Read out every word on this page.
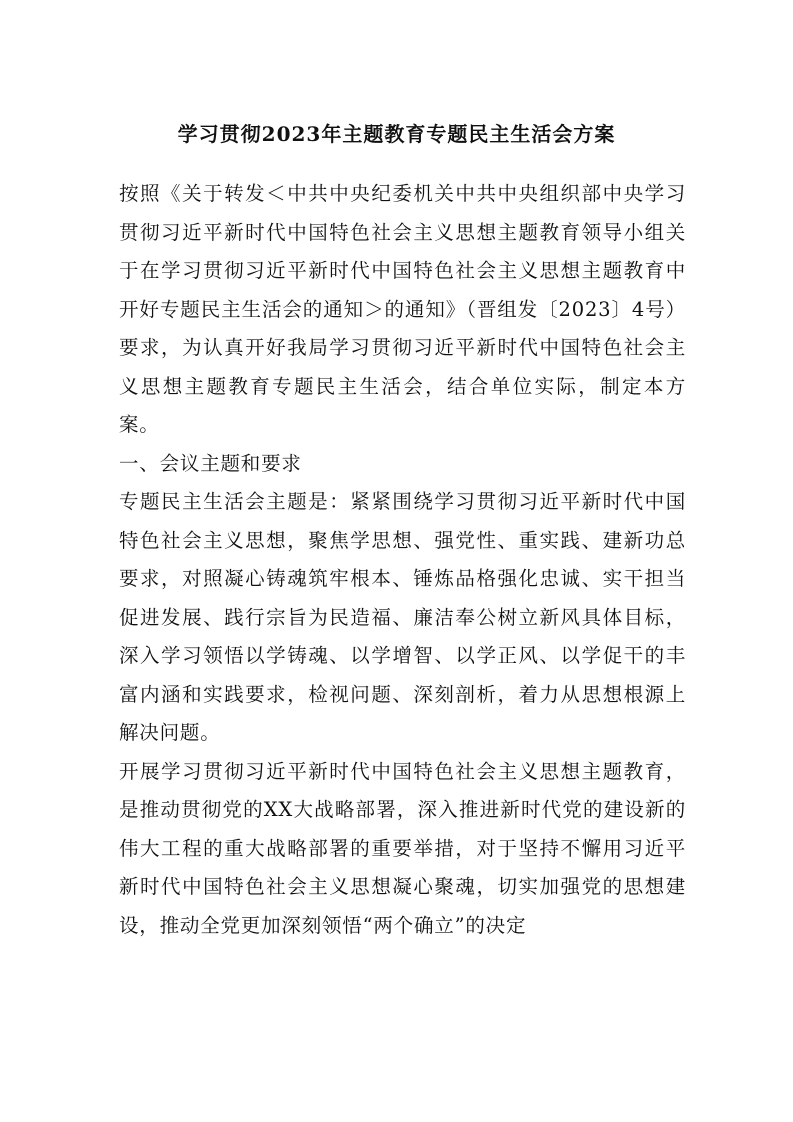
学习贯彻2023年主题教育专题民主生活会方案

按照《关于转发＜中共中央纪委机关中共中央组织部中央学习贯彻习近平新时代中国特色社会主义思想主题教育领导小组关于在学习贯彻习近平新时代中国特色社会主义思想主题教育中开好专题民主生活会的通知＞的通知》（晋组发〔2023〕4号）要求，为认真开好我局学习贯彻习近平新时代中国特色社会主义思想主题教育专题民主生活会，结合单位实际，制定本方案。

一、会议主题和要求

专题民主生活会主题是：紧紧围绕学习贯彻习近平新时代中国特色社会主义思想，聚焦学思想、强党性、重实践、建新功总要求，对照凝心铸魂筑牢根本、锤炼品格强化忠诚、实干担当促进发展、践行宗旨为民造福、廉洁奉公树立新风具体目标，深入学习领悟以学铸魂、以学增智、以学正风、以学促干的丰富内涵和实践要求，检视问题、深刻剖析，着力从思想根源上解决问题。

开展学习贯彻习近平新时代中国特色社会主义思想主题教育，是推动贯彻党的XX大战略部署，深入推进新时代党的建设新的伟大工程的重大战略部署的重要举措，对于坚持不懈用习近平新时代中国特色社会主义思想凝心聚魂，切实加强党的思想建设，推动全党更加深刻领悟“两个确立”的决定
